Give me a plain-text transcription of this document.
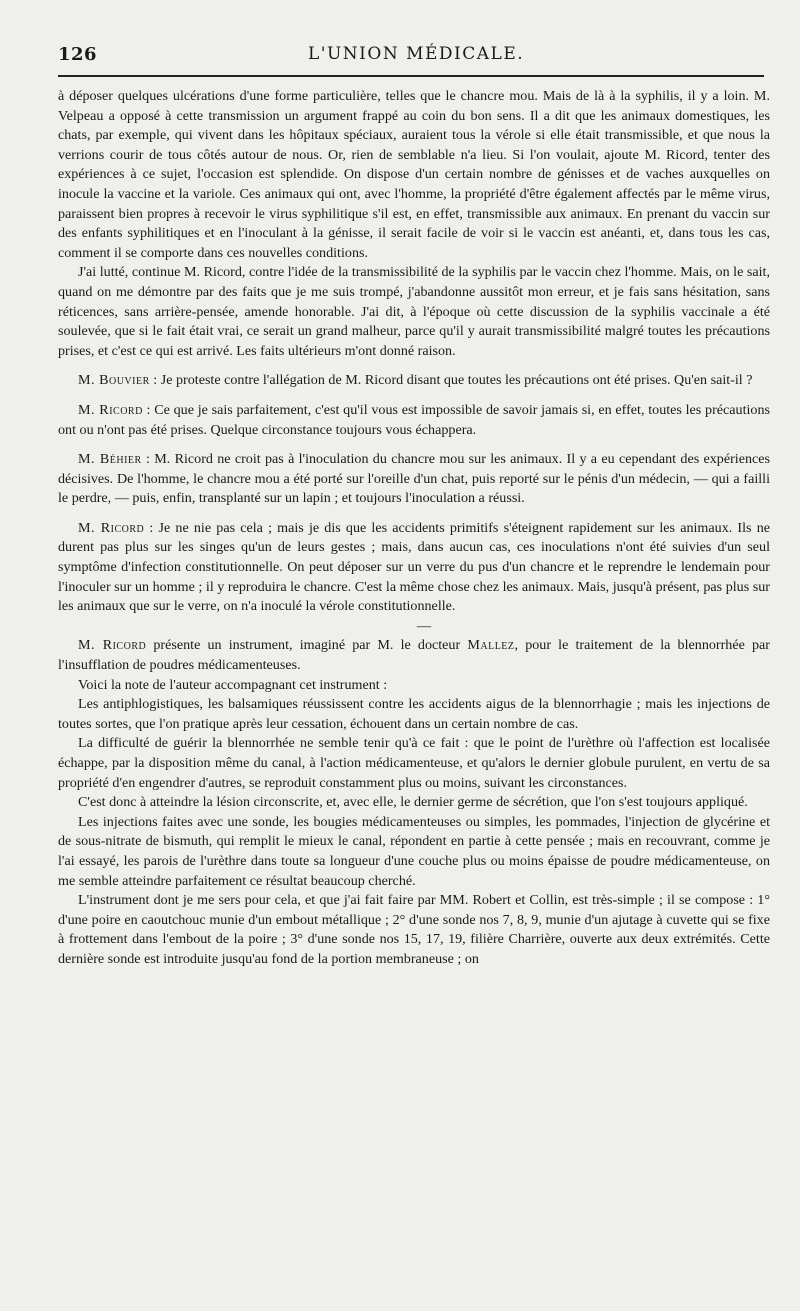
126	L'UNION MÉDICALE.

à déposer quelques ulcérations d'une forme particulière, telles que le chancre mou. Mais de là à la syphilis, il y a loin. M. Velpeau a opposé à cette transmission un argument frappé au coin du bon sens. Il a dit que les animaux domestiques, les chats, par exemple, qui vivent dans les hôpitaux spéciaux, auraient tous la vérole si elle était transmissible, et que nous la verrions courir de tous côtés autour de nous. Or, rien de semblable n'a lieu. Si l'on voulait, ajoute M. Ricord, tenter des expériences à ce sujet, l'occasion est splendide. On dispose d'un certain nombre de génisses et de vaches auxquelles on inocule la vaccine et la variole. Ces animaux qui ont, avec l'homme, la propriété d'être également affectés par le même virus, paraissent bien propres à recevoir le virus syphilitique s'il est, en effet, transmissible aux animaux. En prenant du vaccin sur des enfants syphilitiques et en l'inoculant à la génisse, il serait facile de voir si le vaccin est anéanti, et, dans tous les cas, comment il se comporte dans ces nouvelles conditions.

J'ai lutté, continue M. Ricord, contre l'idée de la transmissibilité de la syphilis par le vaccin chez l'homme. Mais, on le sait, quand on me démontre par des faits que je me suis trompé, j'abandonne aussitôt mon erreur, et je fais sans hésitation, sans réticences, sans arrière-pensée, amende honorable. J'ai dit, à l'époque où cette discussion de la syphilis vaccinale a été soulevée, que si le fait était vrai, ce serait un grand malheur, parce qu'il y aurait transmissibilité malgré toutes les précautions prises, et c'est ce qui est arrivé. Les faits ultérieurs m'ont donné raison.

M. Bouvier : Je proteste contre l'allégation de M. Ricord disant que toutes les précautions ont été prises. Qu'en sait-il ?

M. Ricord : Ce que je sais parfaitement, c'est qu'il vous est impossible de savoir jamais si, en effet, toutes les précautions ont ou n'ont pas été prises. Quelque circonstance toujours vous échappera.

M. Béhier : M. Ricord ne croit pas à l'inoculation du chancre mou sur les animaux. Il y a eu cependant des expériences décisives. De l'homme, le chancre mou a été porté sur l'oreille d'un chat, puis reporté sur le pénis d'un médecin, — qui a failli le perdre, — puis, enfin, transplanté sur un lapin ; et toujours l'inoculation a réussi.

M. Ricord : Je ne nie pas cela ; mais je dis que les accidents primitifs s'éteignent rapidement sur les animaux. Ils ne durent pas plus sur les singes qu'un de leurs gestes ; mais, dans aucun cas, ces inoculations n'ont été suivies d'un seul symptôme d'infection constitutionnelle. On peut déposer sur un verre du pus d'un chancre et le reprendre le lendemain pour l'inoculer sur un homme ; il y reproduira le chancre. C'est la même chose chez les animaux. Mais, jusqu'à présent, pas plus sur les animaux que sur le verre, on n'a inoculé la vérole constitutionnelle.

—

M. Ricord présente un instrument, imaginé par M. le docteur Mallez, pour le traitement de la blennorrhée par l'insufflation de poudres médicamenteuses.

Voici la note de l'auteur accompagnant cet instrument :

Les antiphlogistiques, les balsamiques réussissent contre les accidents aigus de la blennorrhagie ; mais les injections de toutes sortes, que l'on pratique après leur cessation, échouent dans un certain nombre de cas.

La difficulté de guérir la blennorrhée ne semble tenir qu'à ce fait : que le point de l'urèthre où l'affection est localisée échappe, par la disposition même du canal, à l'action médicamenteuse, et qu'alors le dernier globule purulent, en vertu de sa propriété d'en engendrer d'autres, se reproduit constamment plus ou moins, suivant les circonstances.

C'est donc à atteindre la lésion circonscrite, et, avec elle, le dernier germe de sécrétion, que l'on s'est toujours appliqué.

Les injections faites avec une sonde, les bougies médicamenteuses ou simples, les pommades, l'injection de glycérine et de sous-nitrate de bismuth, qui remplit le mieux le canal, répondent en partie à cette pensée ; mais en recouvrant, comme je l'ai essayé, les parois de l'urèthre dans toute sa longueur d'une couche plus ou moins épaisse de poudre médicamenteuse, on me semble atteindre parfaitement ce résultat beaucoup cherché.

L'instrument dont je me sers pour cela, et que j'ai fait faire par MM. Robert et Collin, est très-simple ; il se compose : 1° d'une poire en caoutchouc munie d'un embout métallique ; 2° d'une sonde nos 7, 8, 9, munie d'un ajutage à cuvette qui se fixe à frottement dans l'embout de la poire ; 3° d'une sonde nos 15, 17, 19, filière Charrière, ouverte aux deux extrémités. Cette dernière sonde est introduite jusqu'au fond de la portion membraneuse ; on
